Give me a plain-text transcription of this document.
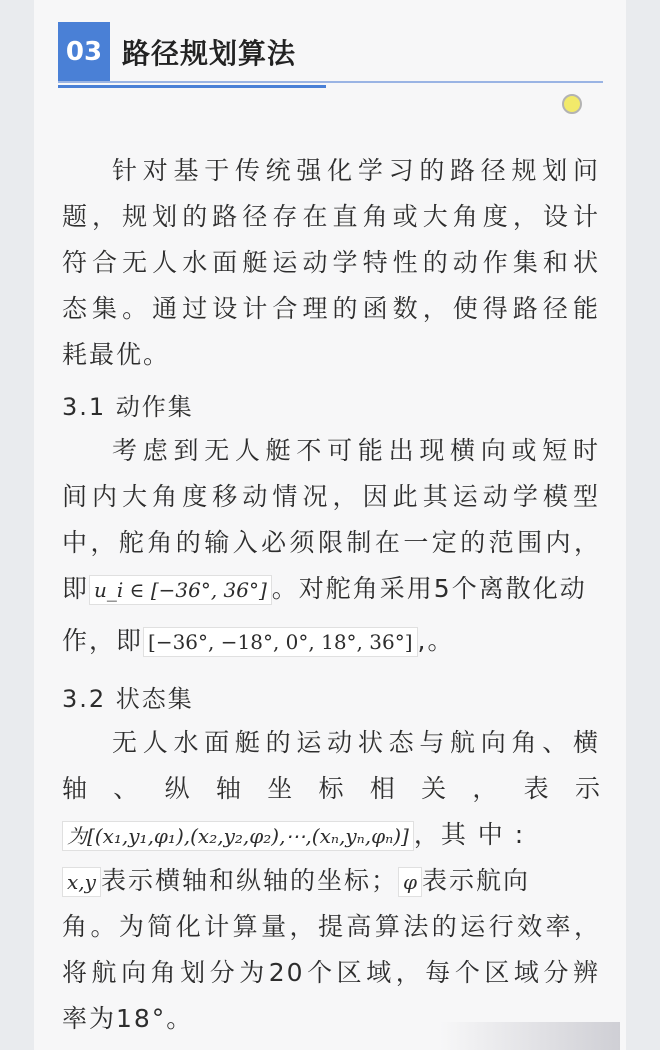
03 路径规划算法
针对基于传统强化学习的路径规划问
题，规划的路径存在直角或大角度，设计
符合无人水面艇运动学特性的动作集和状
态集。通过设计合理的函数，使得路径能
耗最优。
3.1 动作集
考虑到无人艇不可能出现横向或短时
间内大角度移动情况，因此其运动学模型
中，舵角的输入必须限制在一定的范围内，
即 u_i ∈ [−36°, 36°] 。对舵角采用5个离散化动
作，即 [−36°, −18°, 0°, 18°, 36°] ,。
3.2 状态集
无人水面艇的运动状态与航向角、横
轴 、 纵 轴 坐 标 相 关 ， 表 示
为[(x₁,y₁,φ₁),(x₂,y₂,φ₂),⋯,(xₙ,yₙ,φₙ)] ，其 中 :
x,y 表示横轴和纵轴的坐标； φ 表示航向
角。为简化计算量，提高算法的运行效率，
将航向角划分为20个区域，每个区域分辨
率为18°。
